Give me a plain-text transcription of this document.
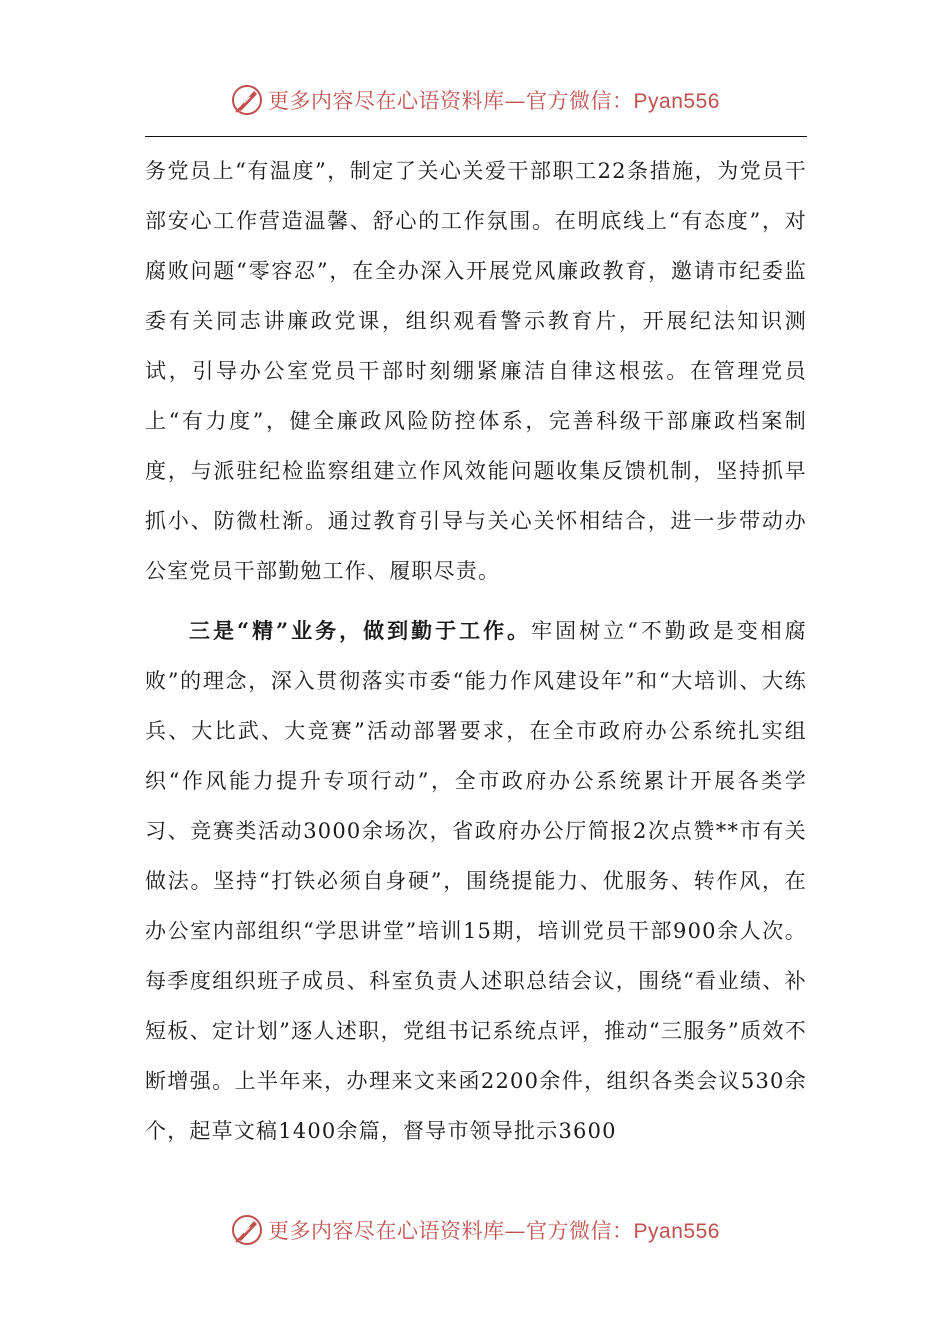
更多内容尽在心语资料库—官方微信：Pyan556

务党员上“有温度”，制定了关心关爱干部职工22条措施，为党员干部安心工作营造温馨、舒心的工作氛围。在明底线上“有态度”，对腐败问题“零容忍”，在全办深入开展党风廉政教育，邀请市纪委监委有关同志讲廉政党课，组织观看警示教育片，开展纪法知识测试，引导办公室党员干部时刻绷紧廉洁自律这根弦。在管理党员上“有力度”，健全廉政风险防控体系，完善科级干部廉政档案制度，与派驻纪检监察组建立作风效能问题收集反馈机制，坚持抓早抓小、防微杜渐。通过教育引导与关心关怀相结合，进一步带动办公室党员干部勤勉工作、履职尽责。

三是“精”业务，做到勤于工作。牢固树立“不勤政是变相腐败”的理念，深入贯彻落实市委“能力作风建设年”和“大培训、大练兵、大比武、大竞赛”活动部署要求，在全市政府办公系统扎实组织“作风能力提升专项行动”，全市政府办公系统累计开展各类学习、竞赛类活动3000余场次，省政府办公厅简报2次点赞**市有关做法。坚持“打铁必须自身硬”，围绕提能力、优服务、转作风，在办公室内部组织“学思讲堂”培训15期，培训党员干部900余人次。每季度组织班子成员、科室负责人述职总结会议，围绕“看业绩、补短板、定计划”逐人述职，党组书记系统点评，推动“三服务”质效不断增强。上半年来，办理来文来函2200余件，组织各类会议530余个，起草文稿1400余篇，督导市领导批示3600

更多内容尽在心语资料库—官方微信：Pyan556
